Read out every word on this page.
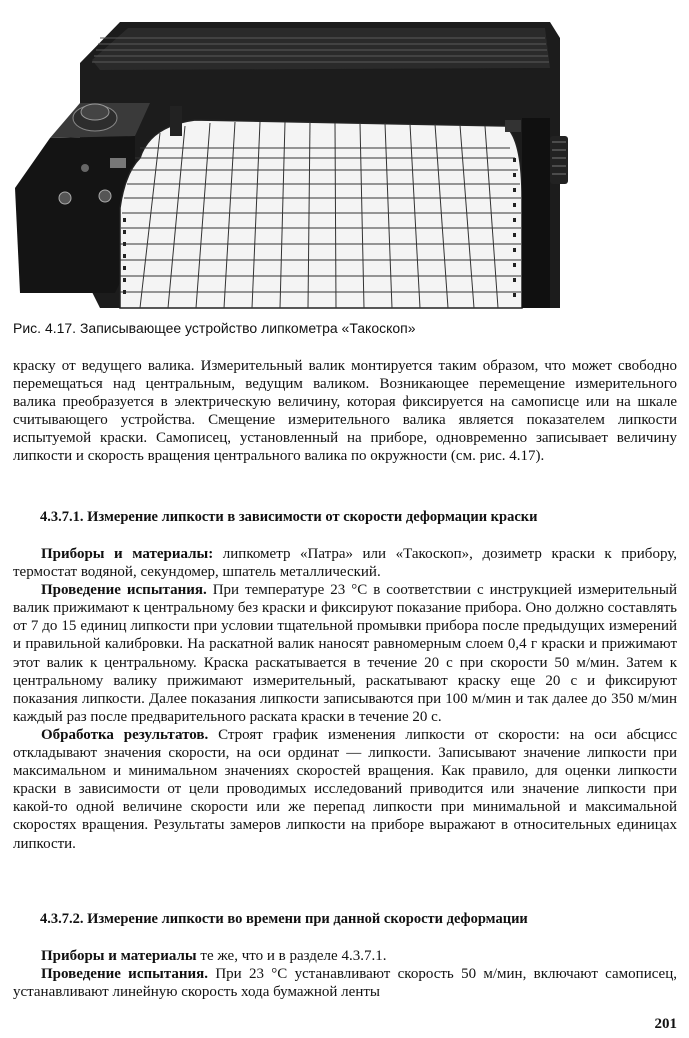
Рис. 4.17. Записывающее устройство липкометра «Такоскоп»

краску от ведущего валика. Измерительный валик монтируется таким образом, что может свободно перемещаться над центральным, ведущим валиком. Возникающее перемещение измерительного валика преобразуется в электрическую величину, которая фиксируется на самописце или на шкале считывающего устройства. Смещение измерительного валика является показателем липкости испытуемой краски. Самописец, установленный на приборе, одновременно записывает величину липкости и скорость вращения центрального валика по окружности (см. рис. 4.17).

4.3.7.1. Измерение липкости в зависимости от скорости деформации краски

Приборы и материалы: липкометр «Патра» или «Такоскоп», дозиметр краски к прибору, термостат водяной, секундомер, шпатель металлический.

Проведение испытания. При температуре 23 °С в соответствии с инструкцией измерительный валик прижимают к центральному без краски и фиксируют показание прибора. Оно должно составлять от 7 до 15 единиц липкости при условии тщательной промывки прибора после предыдущих измерений и правильной калибровки. На раскатной валик наносят равномерным слоем 0,4 г краски и прижимают этот валик к центральному. Краска раскатывается в течение 20 с при скорости 50 м/мин. Затем к центральному валику прижимают измерительный, раскатывают краску еще 20 с и фиксируют показания липкости. Далее показания липкости записываются при 100 м/мин и так далее до 350 м/мин каждый раз после предварительного раската краски в течение 20 с.

Обработка результатов. Строят график изменения липкости от скорости: на оси абсцисс откладывают значения скорости, на оси ординат — липкости. Записывают значение липкости при максимальном и минимальном значениях скоростей вращения. Как правило, для оценки липкости краски в зависимости от цели проводимых исследований приводится или значение липкости при какой-то одной величине скорости или же перепад липкости при минимальной и максимальной скоростях вращения. Результаты замеров липкости на приборе выражают в относительных единицах липкости.

4.3.7.2. Измерение липкости во времени при данной скорости деформации

Приборы и материалы те же, что и в разделе 4.3.7.1.

Проведение испытания. При 23 °С устанавливают скорость 50 м/мин, включают самописец, устанавливают линейную скорость хода бумажной ленты

201
